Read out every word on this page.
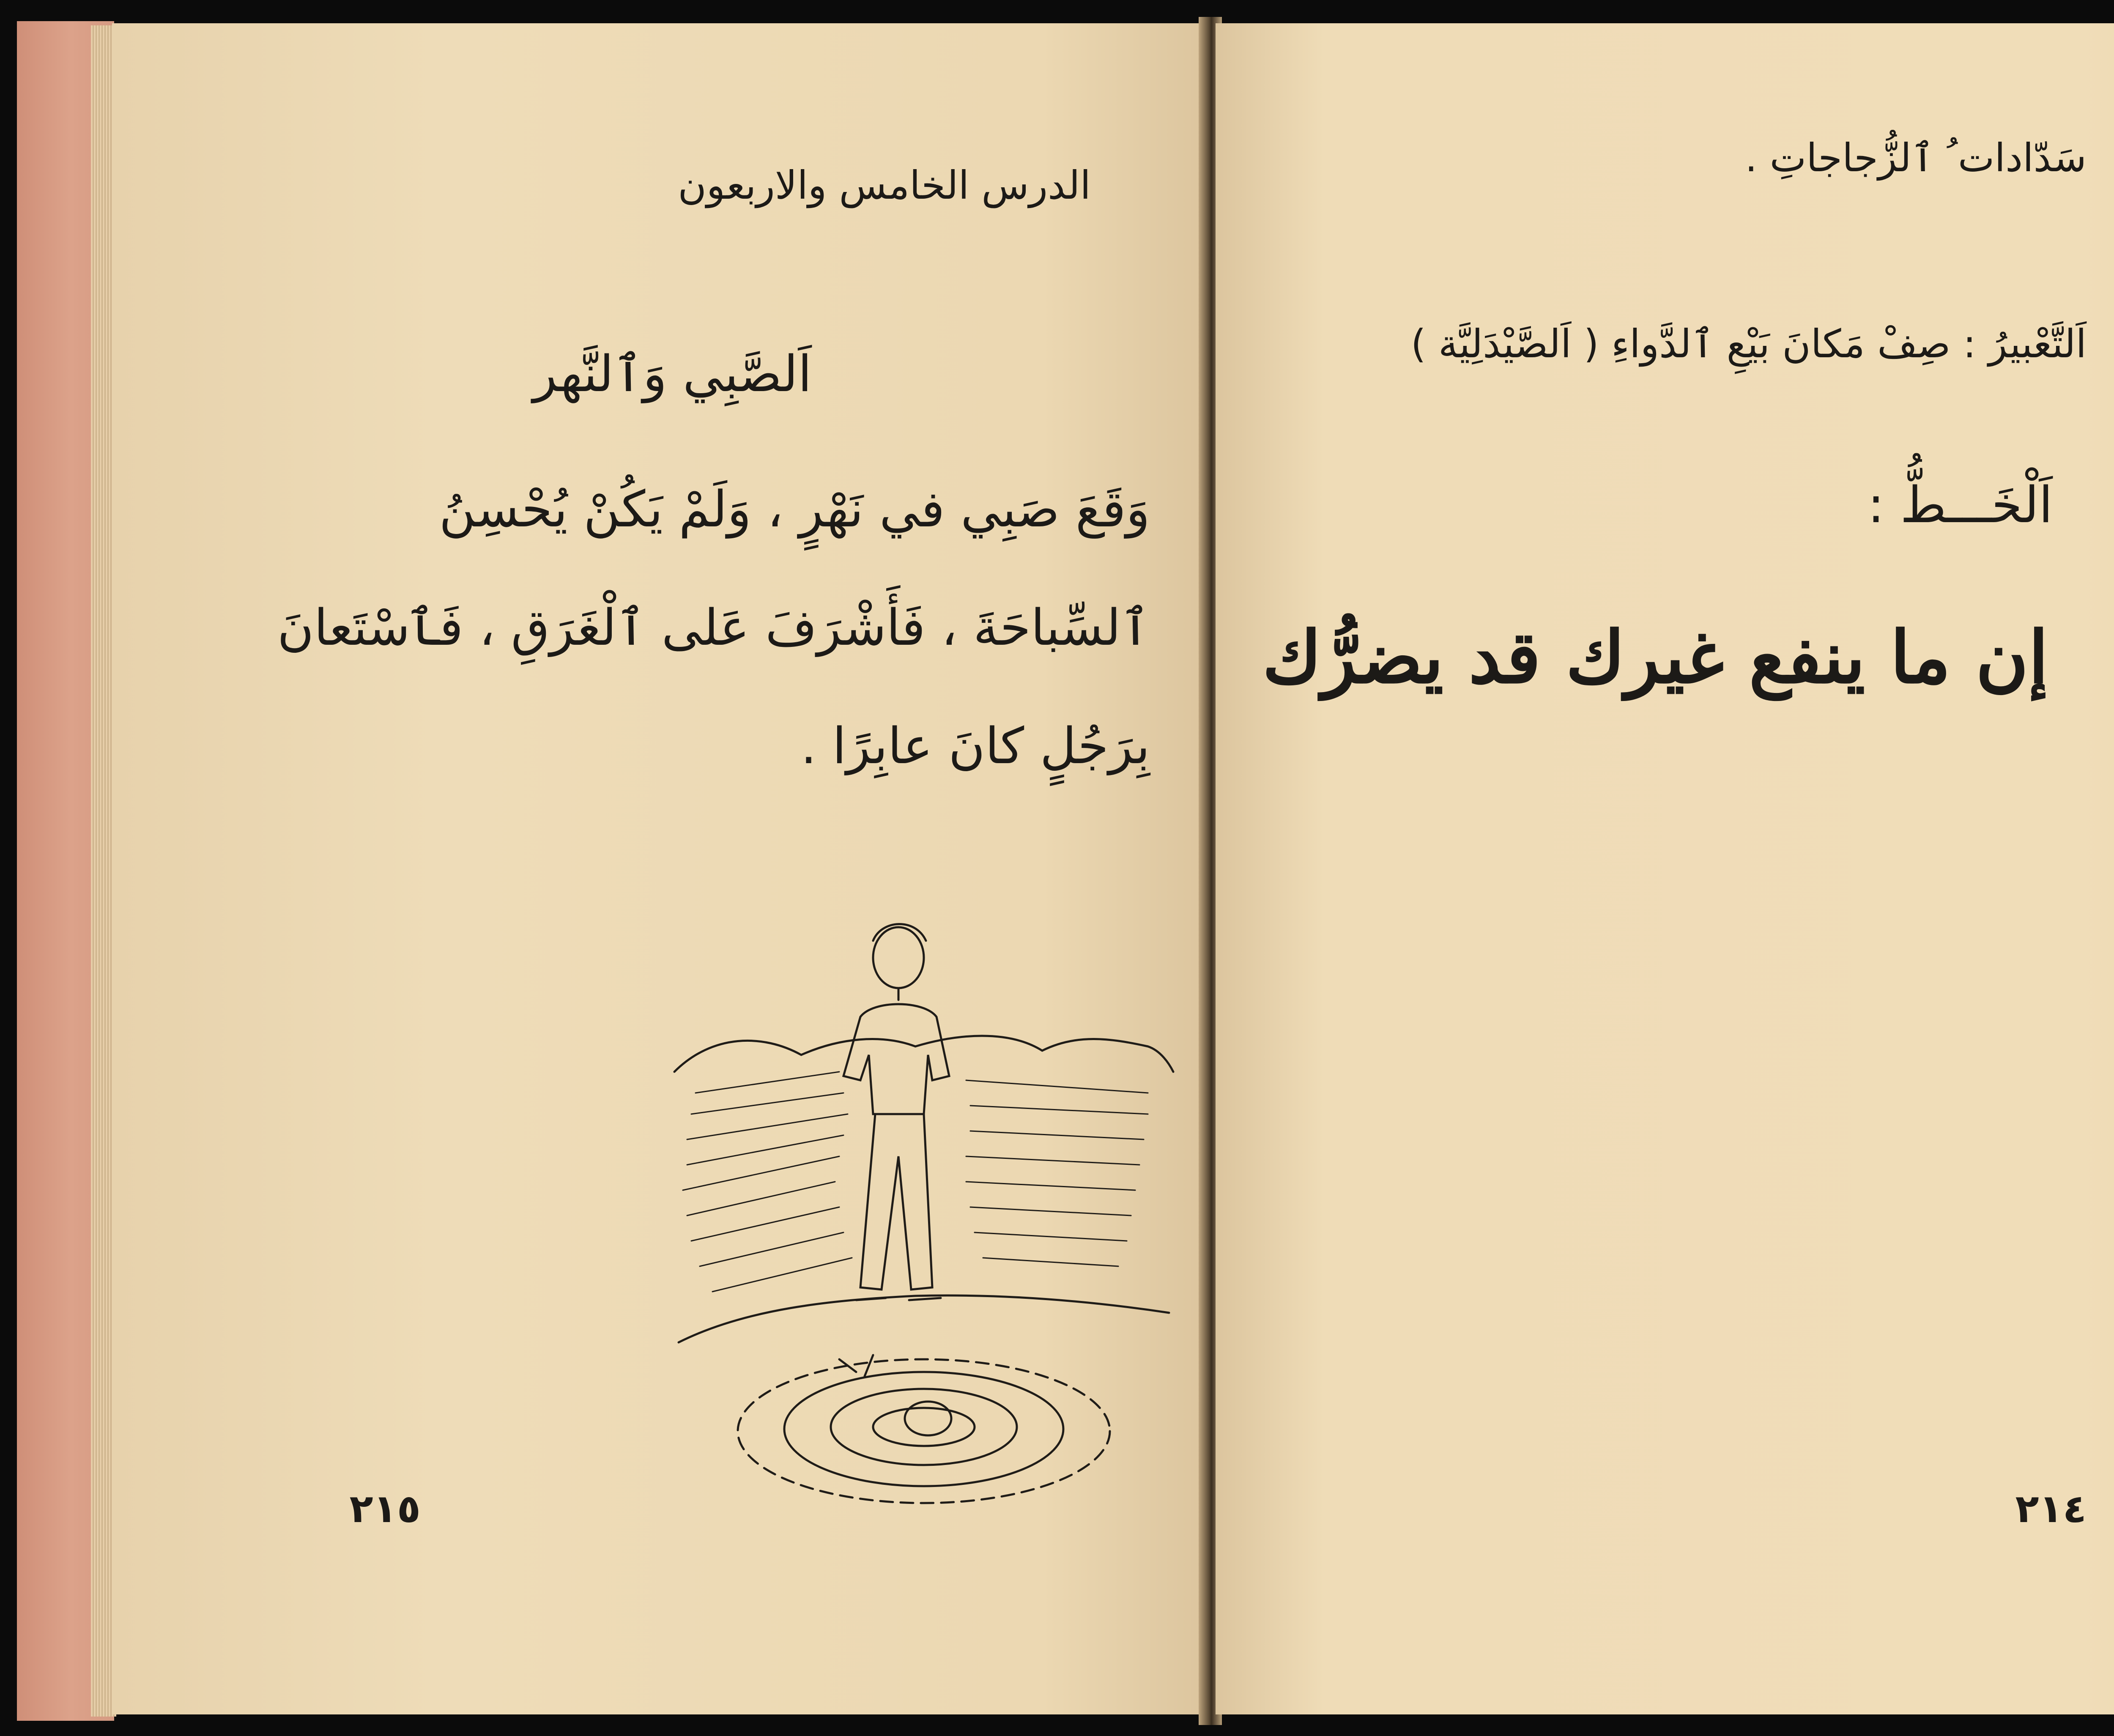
الدرس الخامس والاربعون
اَلصَّبِي وَٱلنَّهر
وَقَعَ صَبِي في نَهْرٍ ، وَلَمْ يَكُنْ يُحْسِنُ
ٱلسِّباحَةَ ، فَأَشْرَفَ عَلى ٱلْغَرَقِ ، فَٱسْتَعانَ
بِرَجُلٍ كانَ عابِرًا .
٢١٥
سَدّادات ُ ٱلزُّجاجاتِ .
اَلتَّعْبيرُ : صِفْ مَكانَ بَيْعِ ٱلدَّواءِ ( اَلصَّيْدَلِيَّة )
اَلْخَـــطُّ :
إن ما ينفع غيرك قد يضرُّك
٢١٤
